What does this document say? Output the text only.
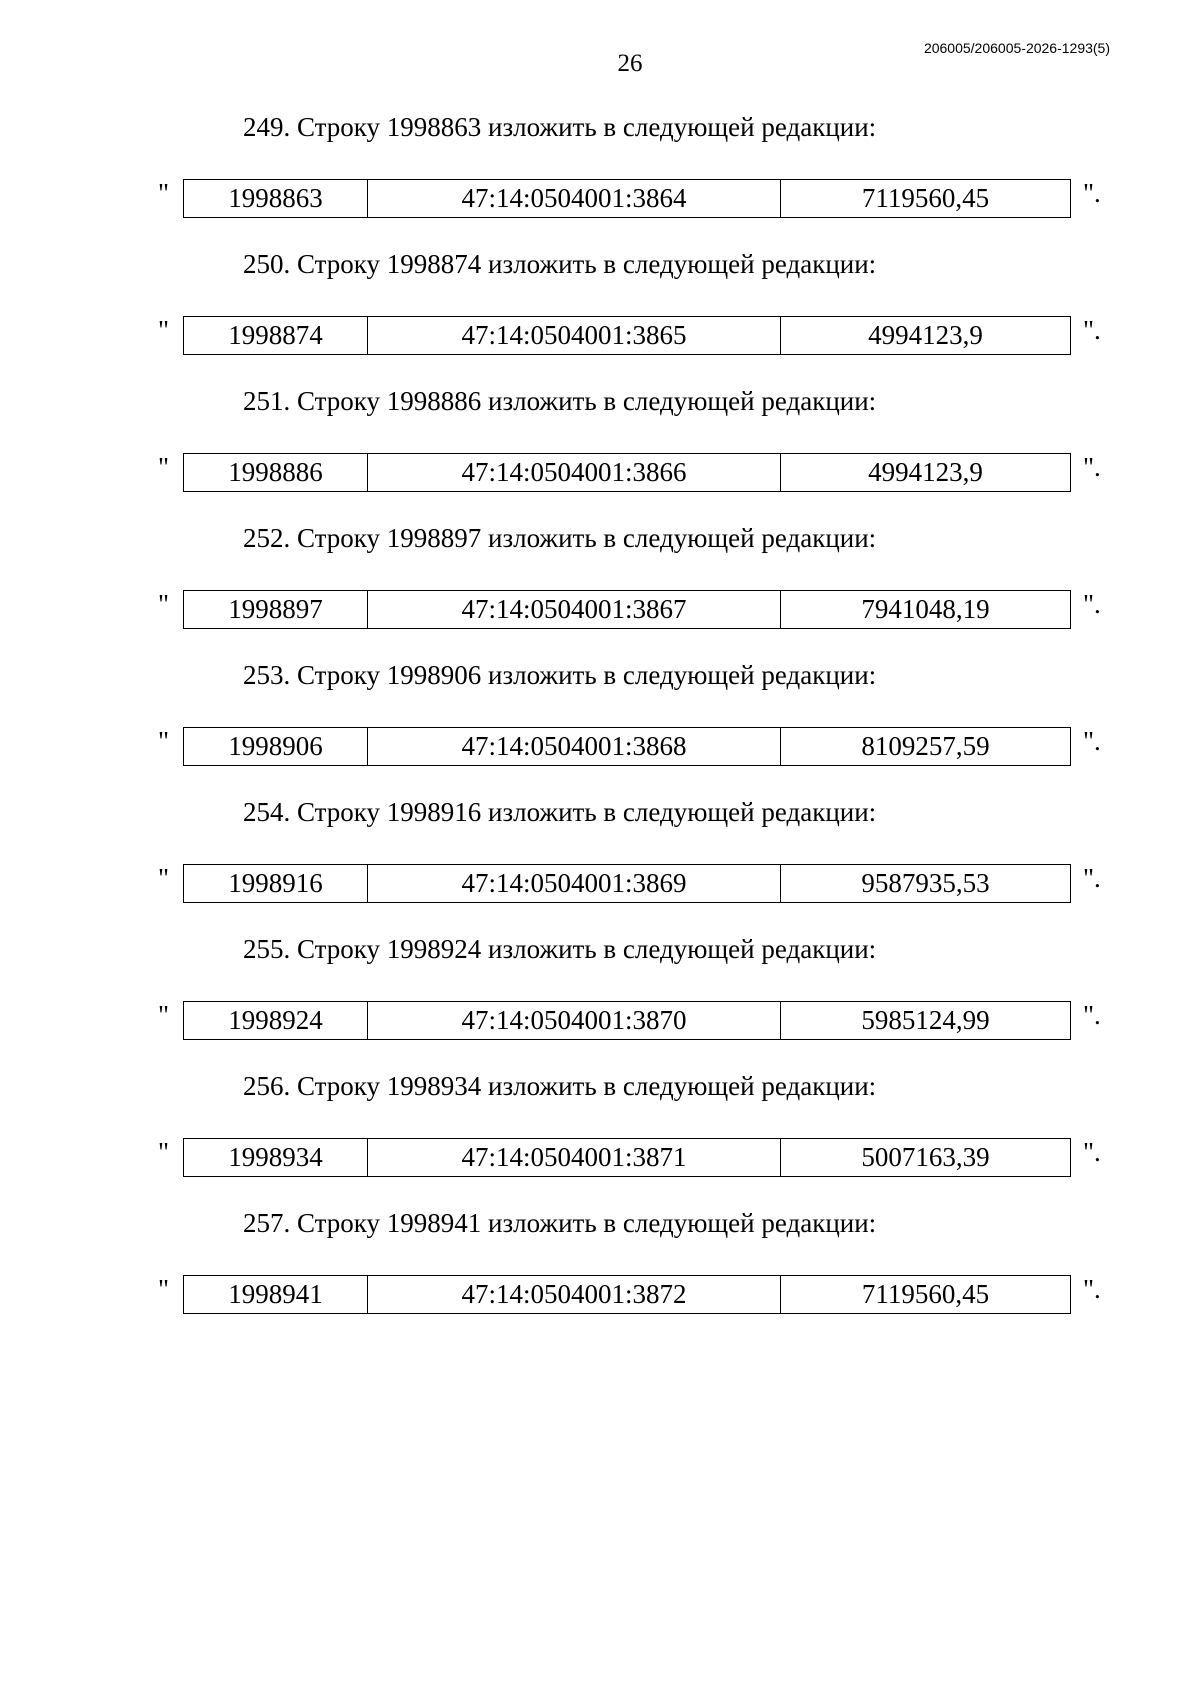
26
206005/206005-2026-1293(5)
249. Строку 1998863 изложить в следующей редакции:
"	1998863	47:14:0504001:3864	7119560,45	".
250. Строку 1998874 изложить в следующей редакции:
"	1998874	47:14:0504001:3865	4994123,9	".
251. Строку 1998886 изложить в следующей редакции:
"	1998886	47:14:0504001:3866	4994123,9	".
252. Строку 1998897 изложить в следующей редакции:
"	1998897	47:14:0504001:3867	7941048,19	".
253. Строку 1998906 изложить в следующей редакции:
"	1998906	47:14:0504001:3868	8109257,59	".
254. Строку 1998916 изложить в следующей редакции:
"	1998916	47:14:0504001:3869	9587935,53	".
255. Строку 1998924 изложить в следующей редакции:
"	1998924	47:14:0504001:3870	5985124,99	".
256. Строку 1998934 изложить в следующей редакции:
"	1998934	47:14:0504001:3871	5007163,39	".
257. Строку 1998941 изложить в следующей редакции:
"	1998941	47:14:0504001:3872	7119560,45	".
